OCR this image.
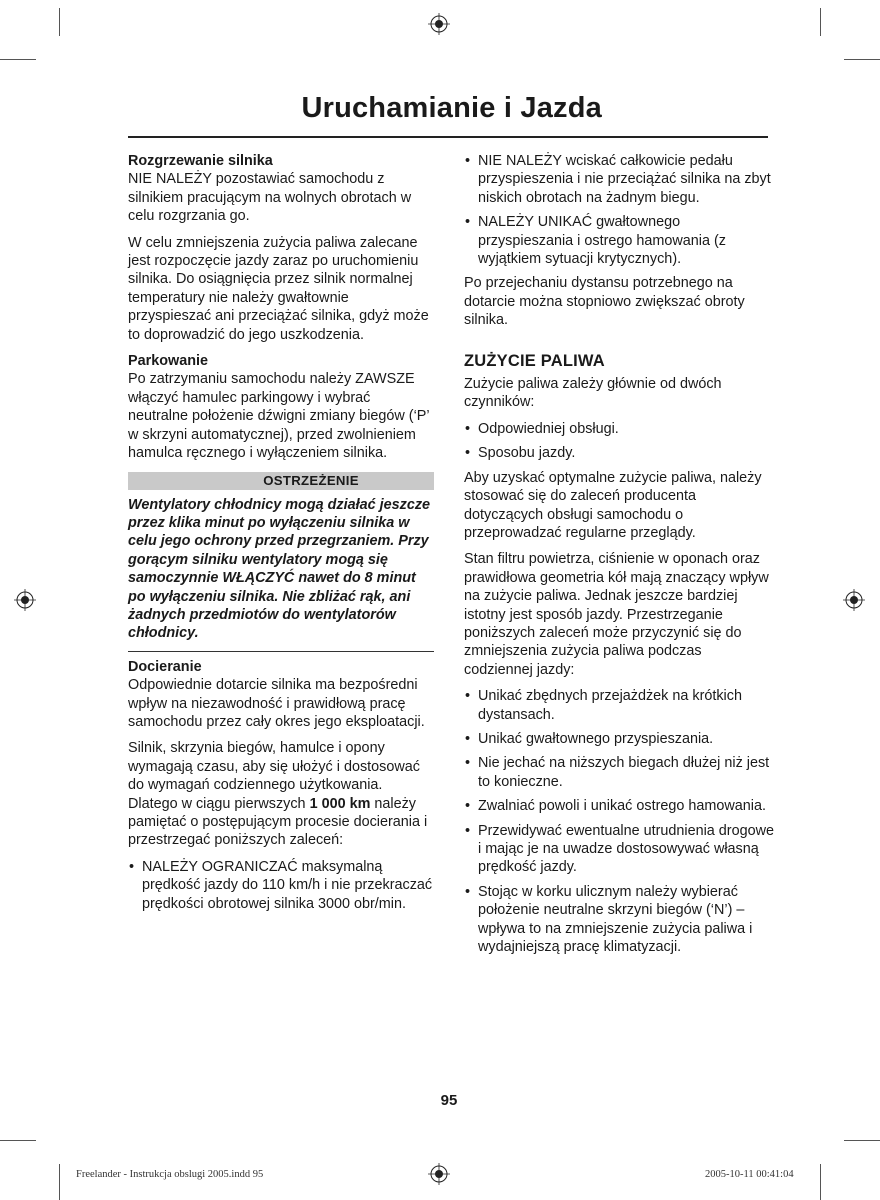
Uruchamianie i Jazda
Rozgrzewanie silnika

NIE NALEŻY pozostawiać samochodu z silnikiem pracującym na wolnych obrotach w celu rozgrzania go.

W celu zmniejszenia zużycia paliwa zalecane jest rozpoczęcie jazdy zaraz po uruchomieniu silnika. Do osiągnięcia przez silnik normalnej temperatury nie należy gwałtownie przyspieszać ani przeciążać silnika, gdyż może to doprowadzić do jego uszkodzenia.

Parkowanie

Po zatrzymaniu samochodu należy ZAWSZE włączyć hamulec parkingowy i wybrać neutralne położenie dźwigni zmiany biegów (‘P’ w skrzyni automatycznej), przed zwolnieniem hamulca ręcznego i wyłączeniem silnika.

OSTRZEŻENIE

Wentylatory chłodnicy mogą działać jeszcze przez klika minut po wyłączeniu silnika w celu jego ochrony przed przegrzaniem. Przy gorącym silniku wentylatory mogą się samoczynnie WŁĄCZYĆ nawet do 8 minut po wyłączeniu silnika. Nie zbliżać rąk, ani żadnych przedmiotów do wentylatorów chłodnicy.

Docieranie

Odpowiednie dotarcie silnika ma bezpośredni wpływ na niezawodność i prawidłową pracę samochodu przez cały okres jego eksploatacji.

Silnik, skrzynia biegów, hamulce i opony wymagają czasu, aby się ułożyć i dostosować do wymagań codziennego użytkowania. Dlatego w ciągu pierwszych 1 000 km należy pamiętać o postępującym procesie docierania i przestrzegać poniższych zaleceń:

• NALEŻY OGRANICZAĆ maksymalną prędkość jazdy do 110 km/h i nie przekraczać prędkości obrotowej silnika 3000 obr/min.
• NIE NALEŻY wciskać całkowicie pedału przyspieszenia i nie przeciążać silnika na zbyt niskich obrotach na żadnym biegu.
• NALEŻY UNIKAĆ gwałtownego przyspieszania i ostrego hamowania (z wyjątkiem sytuacji krytycznych).

Po przejechaniu dystansu potrzebnego na dotarcie można stopniowo zwiększać obroty silnika.

ZUŻYCIE PALIWA

Zużycie paliwa zależy głównie od dwóch czynników:

• Odpowiedniej obsługi.
• Sposobu jazdy.

Aby uzyskać optymalne zużycie paliwa, należy stosować się do zaleceń producenta dotyczących obsługi samochodu o przeprowadzać regularne przeglądy.

Stan filtru powietrza, ciśnienie w oponach oraz prawidłowa geometria kół mają znaczący wpływ na zużycie paliwa. Jednak jeszcze bardziej istotny jest sposób jazdy. Przestrzeganie poniższych zaleceń może przyczynić się do zmniejszenia zużycia paliwa podczas codziennej jazdy:

• Unikać zbędnych przejażdżek na krótkich dystansach.
• Unikać gwałtownego przyspieszania.
• Nie jechać na niższych biegach dłużej niż jest to konieczne.
• Zwalniać powoli i unikać ostrego hamowania.
• Przewidywać ewentualne utrudnienia drogowe i mając je na uwadze dostosowywać własną prędkość jazdy.
• Stojąc w korku ulicznym należy wybierać położenie neutralne skrzyni biegów (‘N’) – wpływa to na zmniejszenie zużycia paliwa i wydajniejszą pracę klimatyzacji.
95
Freelander - Instrukcja obslugi 2005.indd 95	2005-10-11 00:41:04
